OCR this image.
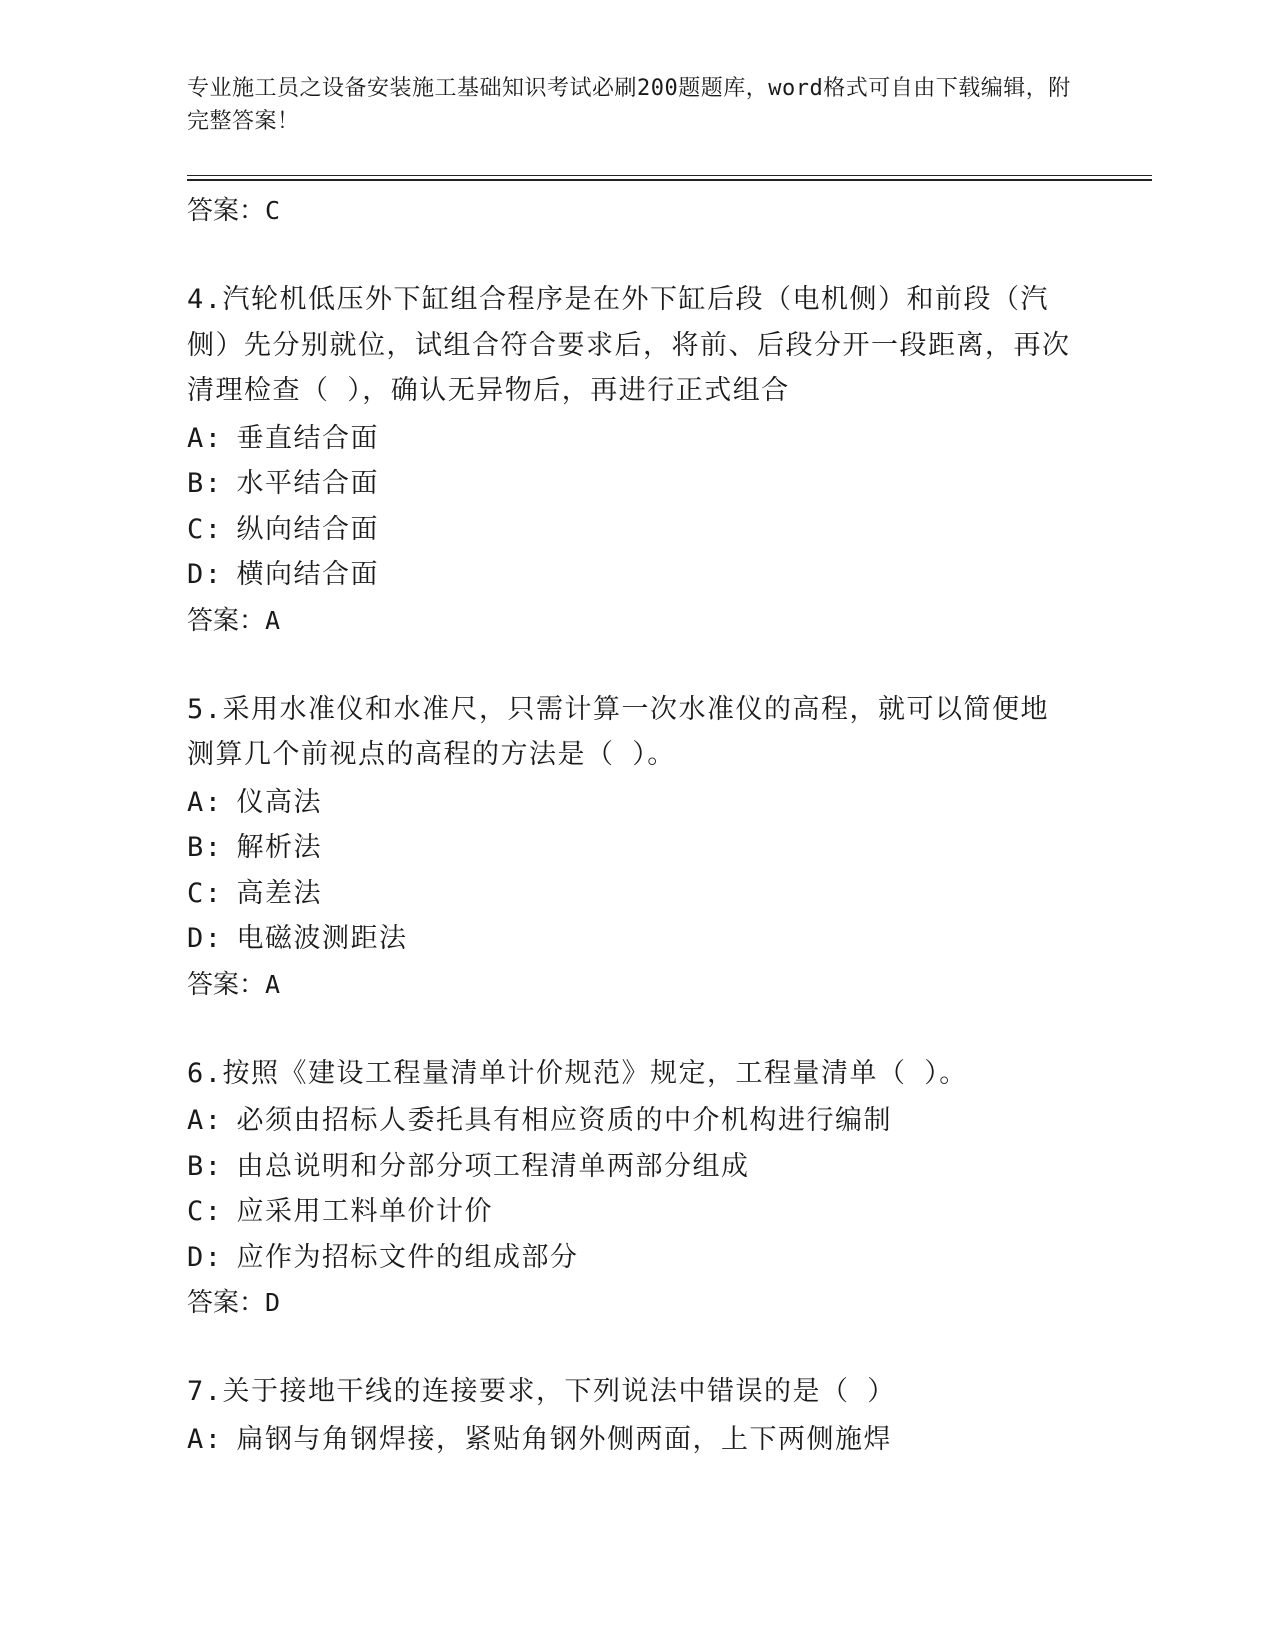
专业施工员之设备安装施工基础知识考试必刷200题题库，word格式可自由下载编辑，附完整答案！

答案：C

4.汽轮机低压外下缸组合程序是在外下缸后段（电机侧）和前段（汽侧）先分别就位，试组合符合要求后，将前、后段分开一段距离，再次清理检查（ ），确认无异物后，再进行正式组合

A: 垂直结合面

B: 水平结合面

C: 纵向结合面

D: 横向结合面

答案：A

5.采用水准仪和水准尺，只需计算一次水准仪的高程，就可以简便地测算几个前视点的高程的方法是（ ）。

A: 仪高法

B: 解析法

C: 高差法

D: 电磁波测距法

答案：A

6.按照《建设工程量清单计价规范》规定，工程量清单（ ）。

A: 必须由招标人委托具有相应资质的中介机构进行编制

B: 由总说明和分部分项工程清单两部分组成

C: 应采用工料单价计价

D: 应作为招标文件的组成部分

答案：D

7.关于接地干线的连接要求，下列说法中错误的是（ ）

A: 扁钢与角钢焊接，紧贴角钢外侧两面，上下两侧施焊
